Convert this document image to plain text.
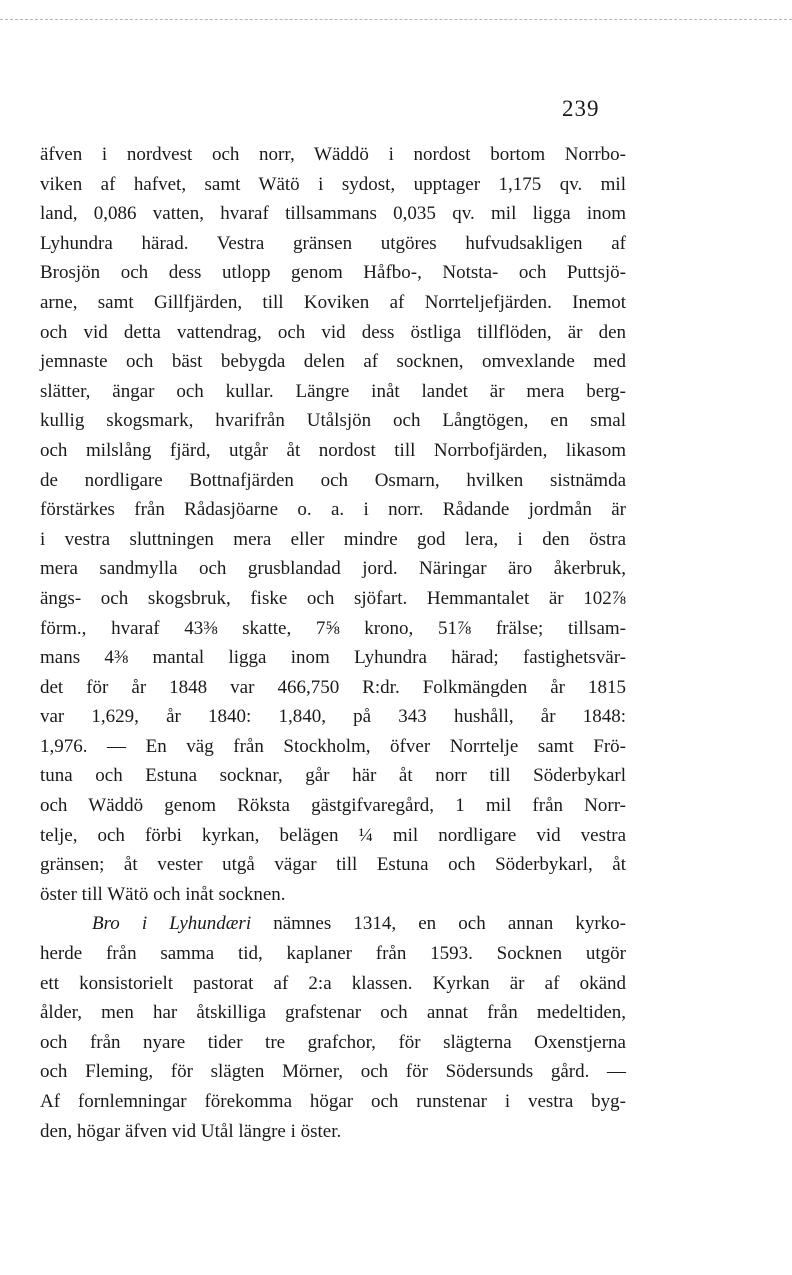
239
äfven i nordvest och norr, Wäddö i nordost bortom Norrbo-
viken af hafvet, samt Wätö i sydost, upptager 1,175 qv. mil
land, 0,086 vatten, hvaraf tillsammans 0,035 qv. mil ligga inom
Lyhundra härad. Vestra gränsen utgöres hufvudsakligen af
Brosjön och dess utlopp genom Håfbo-, Notsta- och Puttsjö-
arne, samt Gillfjärden, till Koviken af Norrteljefjärden. Inemot
och vid detta vattendrag, och vid dess östliga tillflöden, är den
jemnaste och bäst bebygda delen af socknen, omvexlande med
slätter, ängar och kullar. Längre inåt landet är mera berg-
kullig skogsmark, hvarifrån Utålsjön och Långtögen, en smal
och milslång fjärd, utgår åt nordost till Norrbofjärden, likasom
de nordligare Bottnafjärden och Osmarn, hvilken sistnämda
förstärkes från Rådasjöarne o. a. i norr. Rådande jordmån är
i vestra sluttningen mera eller mindre god lera, i den östra
mera sandmylla och grusblandad jord. Näringar äro åkerbruk,
ängs- och skogsbruk, fiske och sjöfart. Hemmantalet är 102⅞
förm., hvaraf 43⅜ skatte, 7⅝ krono, 51⅞ frälse; tillsam-
mans 4⅜ mantal ligga inom Lyhundra härad; fastighetsvär-
det för år 1848 var 466,750 R:dr. Folkmängden år 1815
var 1,629, år 1840: 1,840, på 343 hushåll, år 1848:
1,976. — En väg från Stockholm, öfver Norrtelje samt Frö-
tuna och Estuna socknar, går här åt norr till Söderbykarl
och Wäddö genom Röksta gästgifvaregård, 1 mil från Norr-
telje, och förbi kyrkan, belägen ¼ mil nordligare vid vestra
gränsen; åt vester utgå vägar till Estuna och Söderbykarl, åt
öster till Wätö och inåt socknen.
Bro i Lyhundæri nämnes 1314, en och annan kyrko-
herde från samma tid, kaplaner från 1593. Socknen utgör
ett konsistorielt pastorat af 2:a klassen. Kyrkan är af okänd
ålder, men har åtskilliga grafstenar och annat från medeltiden,
och från nyare tider tre grafchor, för slägterna Oxenstjerna
och Fleming, för slägten Mörner, och för Södersunds gård. —
Af fornlemningar förekomma högar och runstenar i vestra byg-
den, högar äfven vid Utål längre i öster.
